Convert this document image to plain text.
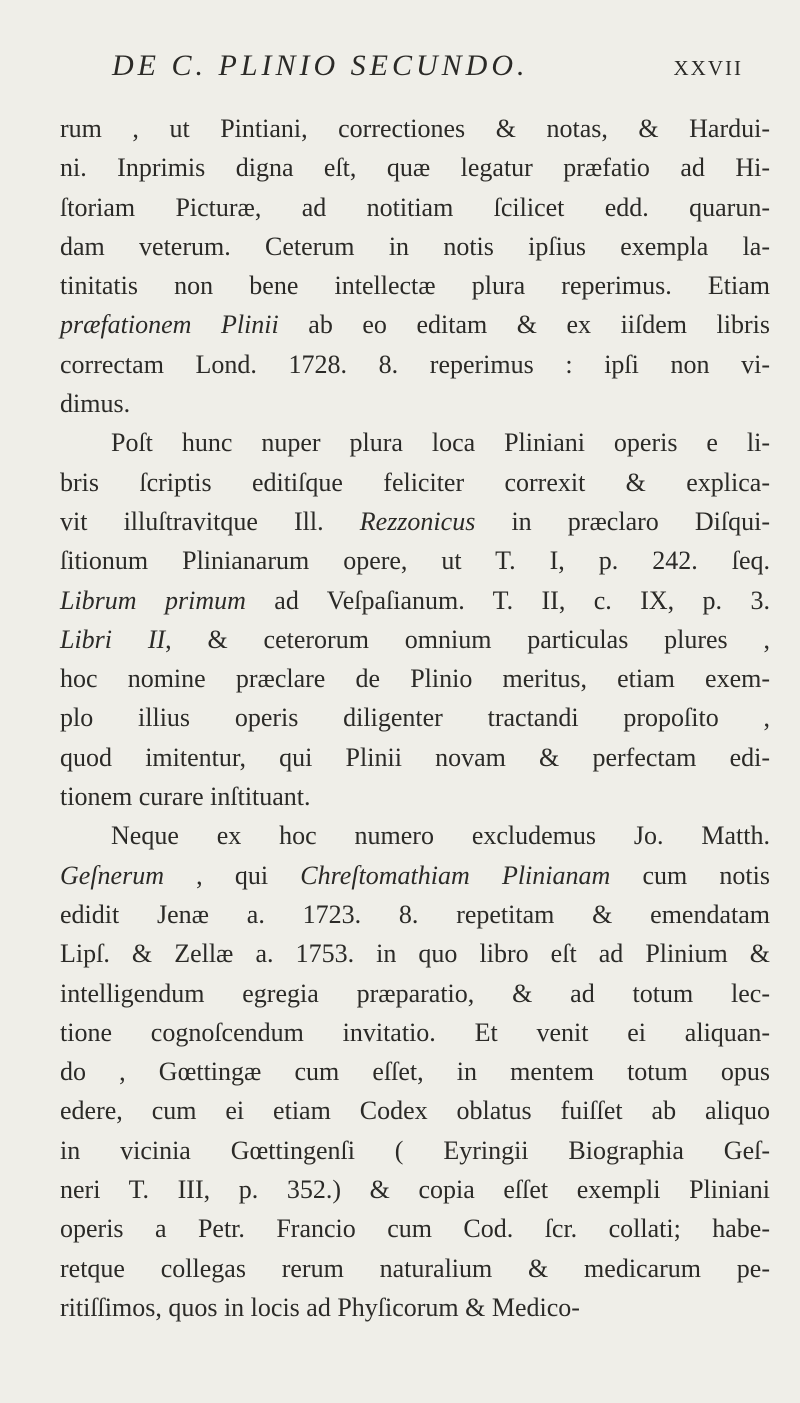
DE C. PLINIO SECUNDO.	XXVII
rum , ut Pintiani, correctiones & notas, & Hardui-
ni. Inprimis digna eſt, quæ legatur præfatio ad Hi-
ſtoriam Picturæ, ad notitiam ſcilicet edd. quarun-
dam veterum. Ceterum in notis ipſius exempla la-
tinitatis non bene intellectæ plura reperimus. Etiam
præfationem Plinii ab eo editam & ex iiſdem libris
correctam Lond. 1728. 8. reperimus : ipſi non vi-
dimus.
Poſt hunc nuper plura loca Pliniani operis e li-
bris ſcriptis editiſque feliciter correxit & explica-
vit illuſtravitque Ill. Rezzonicus in præclaro Diſqui-
ſitionum Plinianarum opere, ut T. I, p. 242. ſeq.
Librum primum ad Veſpaſianum. T. II, c. IX, p. 3.
Libri II, & ceterorum omnium particulas plures ,
hoc nomine præclare de Plinio meritus, etiam exem-
plo illius operis diligenter tractandi propoſito ,
quod imitentur, qui Plinii novam & perfectam edi-
tionem curare inſtituant.
Neque ex hoc numero excludemus Jo. Matth.
Geſnerum , qui Chreſtomathiam Plinianam cum notis
edidit Jenæ a. 1723. 8. repetitam & emendatam
Lipſ. & Zellæ a. 1753. in quo libro eſt ad Plinium &
intelligendum egregia præparatio, & ad totum lec-
tione cognoſcendum invitatio. Et venit ei aliquan-
do , Gœttingæ cum eſſet, in mentem totum opus
edere, cum ei etiam Codex oblatus fuiſſet ab aliquo
in vicinia Gœttingenſi ( Eyringii Biographia Geſ-
neri T. III, p. 352.) & copia eſſet exempli Pliniani
operis a Petr. Francio cum Cod. ſcr. collati; habe-
retque collegas rerum naturalium & medicarum pe-
ritiſſimos, quos in locis ad Phyſicorum & Medico-
